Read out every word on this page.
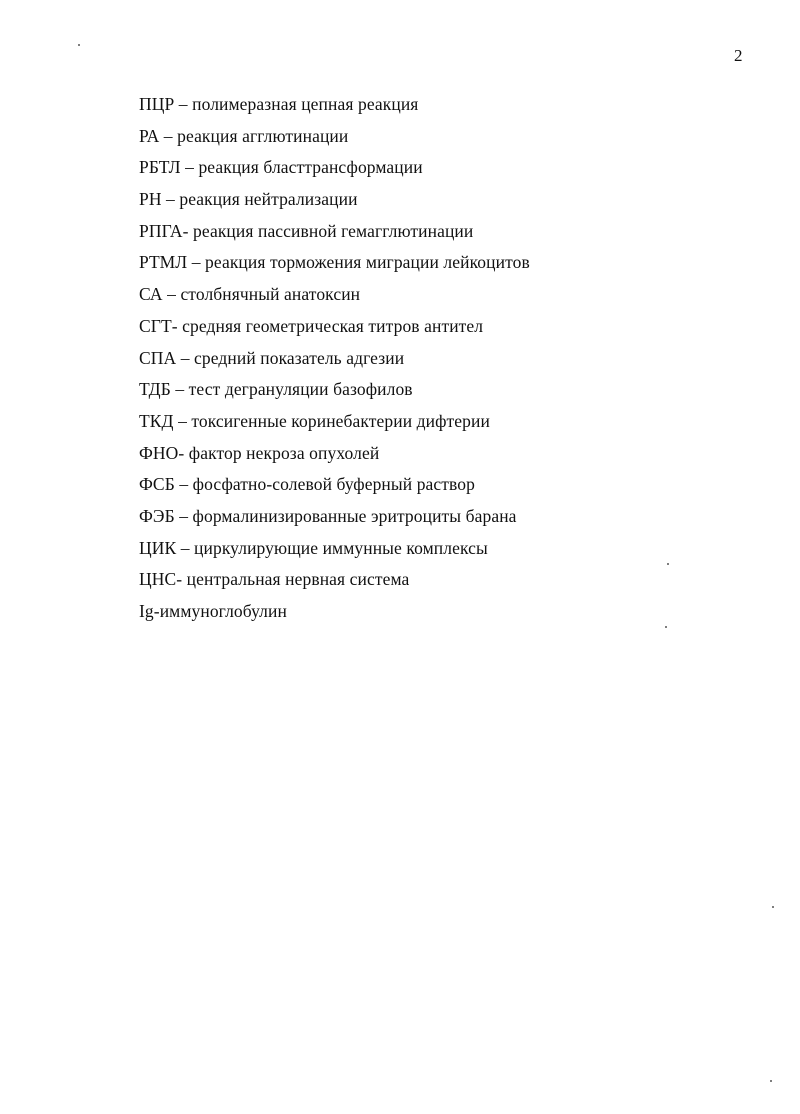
2
ПЦР – полимеразная цепная реакция
РА – реакция агглютинации
РБТЛ – реакция бласттрансформации
РН – реакция нейтрализации
РПГА- реакция пассивной гемагглютинации
РТМЛ – реакция торможения миграции лейкоцитов
СА – столбнячный анатоксин
СГТ- средняя геометрическая титров антител
СПА – средний показатель адгезии
ТДБ – тест дегрануляции базофилов
ТКД – токсигенные коринебактерии дифтерии
ФНО- фактор некроза опухолей
ФСБ – фосфатно-солевой буферный раствор
ФЭБ – формалинизированные эритроциты барана
ЦИК – циркулирующие иммунные комплексы
ЦНС- центральная нервная система
Ig-иммуноглобулин
